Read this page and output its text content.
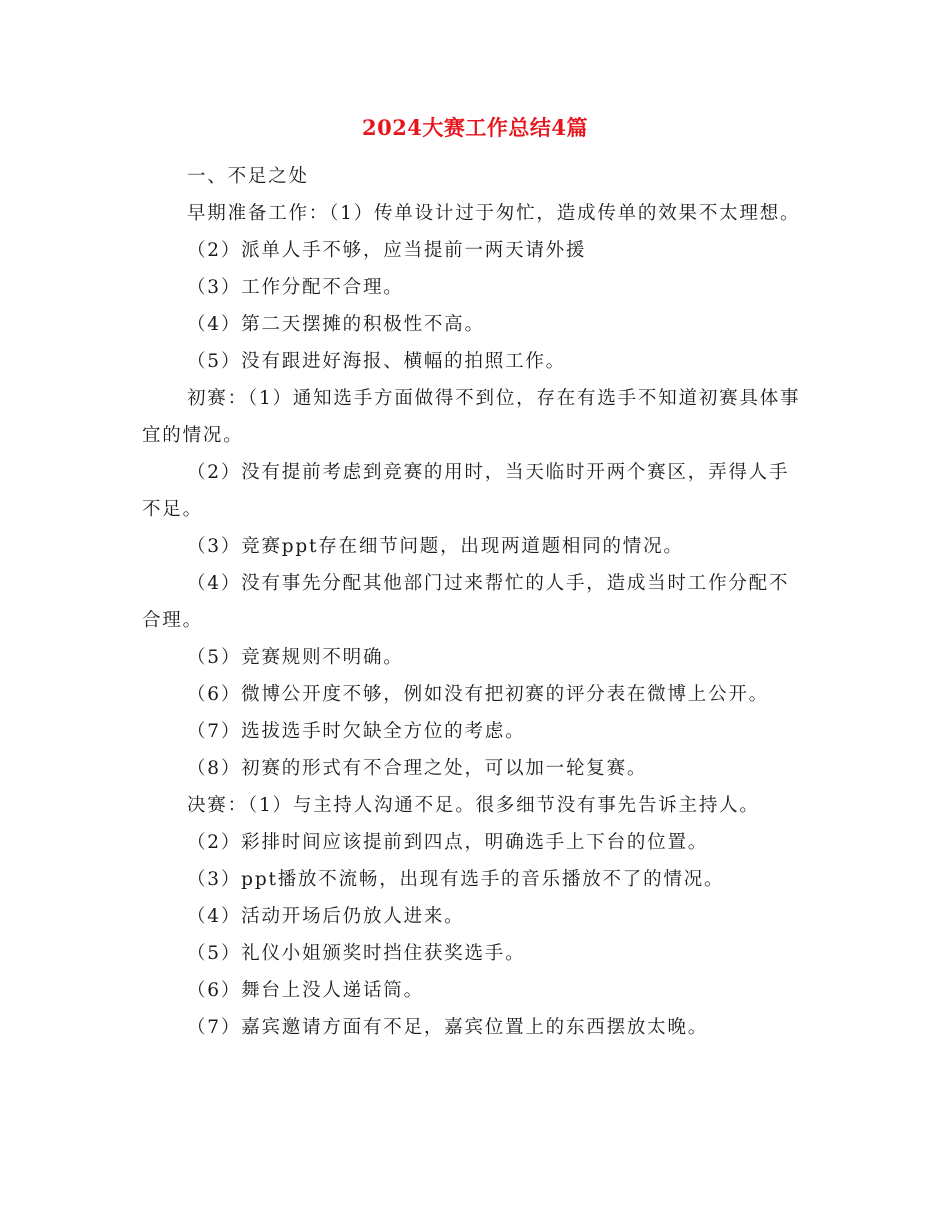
2024大赛工作总结4篇

一、不足之处

早期准备工作：（1）传单设计过于匆忙，造成传单的效果不太理想。

（2）派单人手不够，应当提前一两天请外援

（3）工作分配不合理。

（4）第二天摆摊的积极性不高。

（5）没有跟进好海报、横幅的拍照工作。

初赛：（1）通知选手方面做得不到位，存在有选手不知道初赛具体事宜的情况。

（2）没有提前考虑到竞赛的用时，当天临时开两个赛区，弄得人手不足。

（3）竞赛ppt存在细节问题，出现两道题相同的情况。

（4）没有事先分配其他部门过来帮忙的人手，造成当时工作分配不合理。

（5）竞赛规则不明确。

（6）微博公开度不够，例如没有把初赛的评分表在微博上公开。

（7）选拔选手时欠缺全方位的考虑。

（8）初赛的形式有不合理之处，可以加一轮复赛。

决赛：（1）与主持人沟通不足。很多细节没有事先告诉主持人。

（2）彩排时间应该提前到四点，明确选手上下台的位置。

（3）ppt播放不流畅，出现有选手的音乐播放不了的情况。

（4）活动开场后仍放人进来。

（5）礼仪小姐颁奖时挡住获奖选手。

（6）舞台上没人递话筒。

（7）嘉宾邀请方面有不足，嘉宾位置上的东西摆放太晚。
